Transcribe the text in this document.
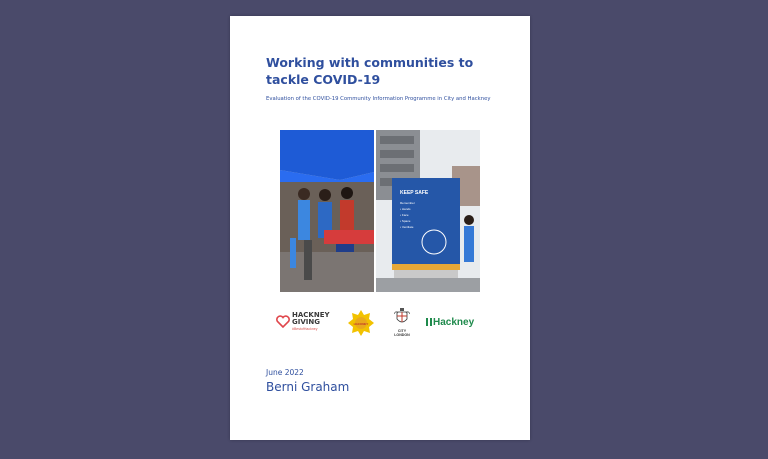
Working with communities to tackle COVID-19
Evaluation of the COVID-19 Community Information Programme in City and Hackney
KEEP SAFE
Remember
• Hands
• Face
• Space
• Ventilate
HACKNEY
GIVING
#BestofHackney
HACKNEY
CITY
LONDON
Hackney
June 2022
Berni Graham
